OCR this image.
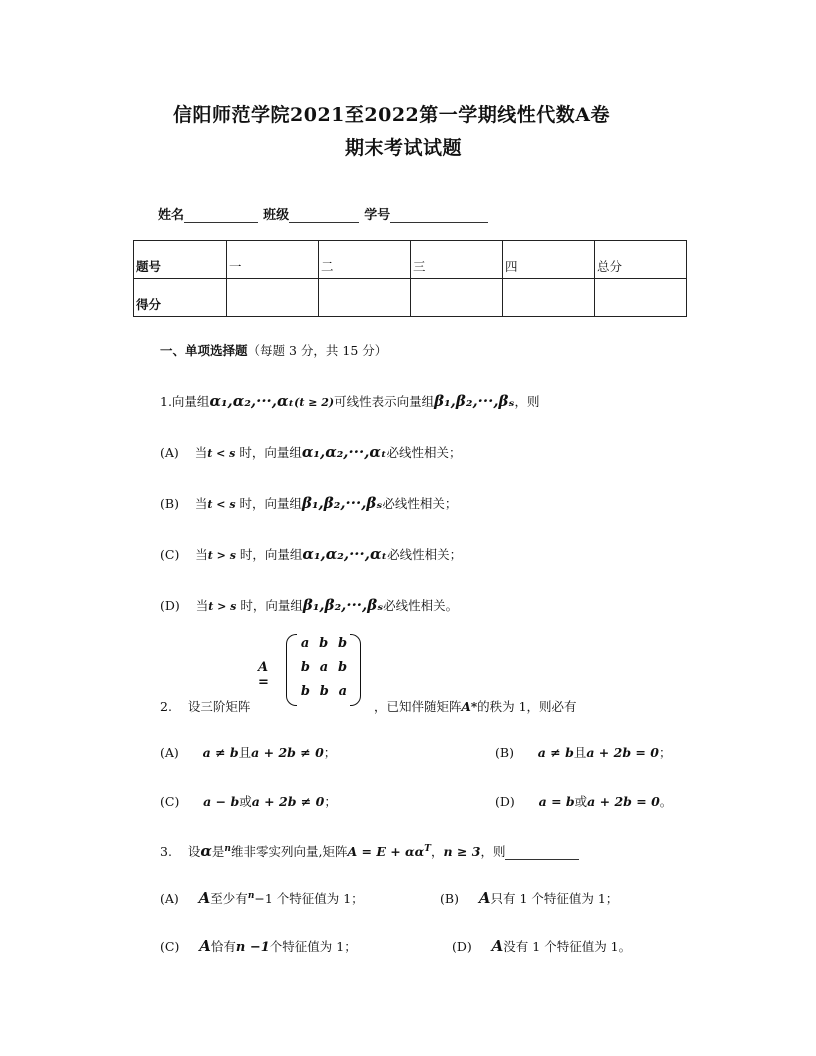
信阳师范学院2021至2022第一学期线性代数A卷
期末考试试题
姓名	班级	学号
题号	一	二	三	四	总分
得分					
一、单项选择题（每题 3 分，共 15 分）
1.向量组α₁,α₂,···,αₜ(t ≥ 2)可线性表示向量组β₁,β₂,···,βₛ，则
(A) 当t < s 时，向量组α₁,α₂,···,αₜ必线性相关；
(B) 当t < s 时，向量组β₁,β₂,···,βₛ必线性相关；
(C) 当t > s 时，向量组α₁,α₂,···,αₜ必线性相关；
(D) 当t > s 时，向量组β₁,β₂,···,βₛ必线性相关。
A =
a b b
b a b
b b a
2. 设三阶矩阵	，已知伴随矩阵A*的秩为 1，则必有
(A) a ≠ b且a + 2b ≠ 0；	(B) a ≠ b且a + 2b = 0；
(C) a − b或a + 2b ≠ 0；	(D) a = b或a + 2b = 0。
3. 设α是$^n$维非零实列向量,矩阵$A = E + \alpha\alpha^T$，n ≥ 3，则
(A) A至少有$^n$−1 个特征值为 1；	(B) A只有 1 个特征值为 1；
(C) A恰有n −1个特征值为 1；	(D) A没有 1 个特征值为 1。
